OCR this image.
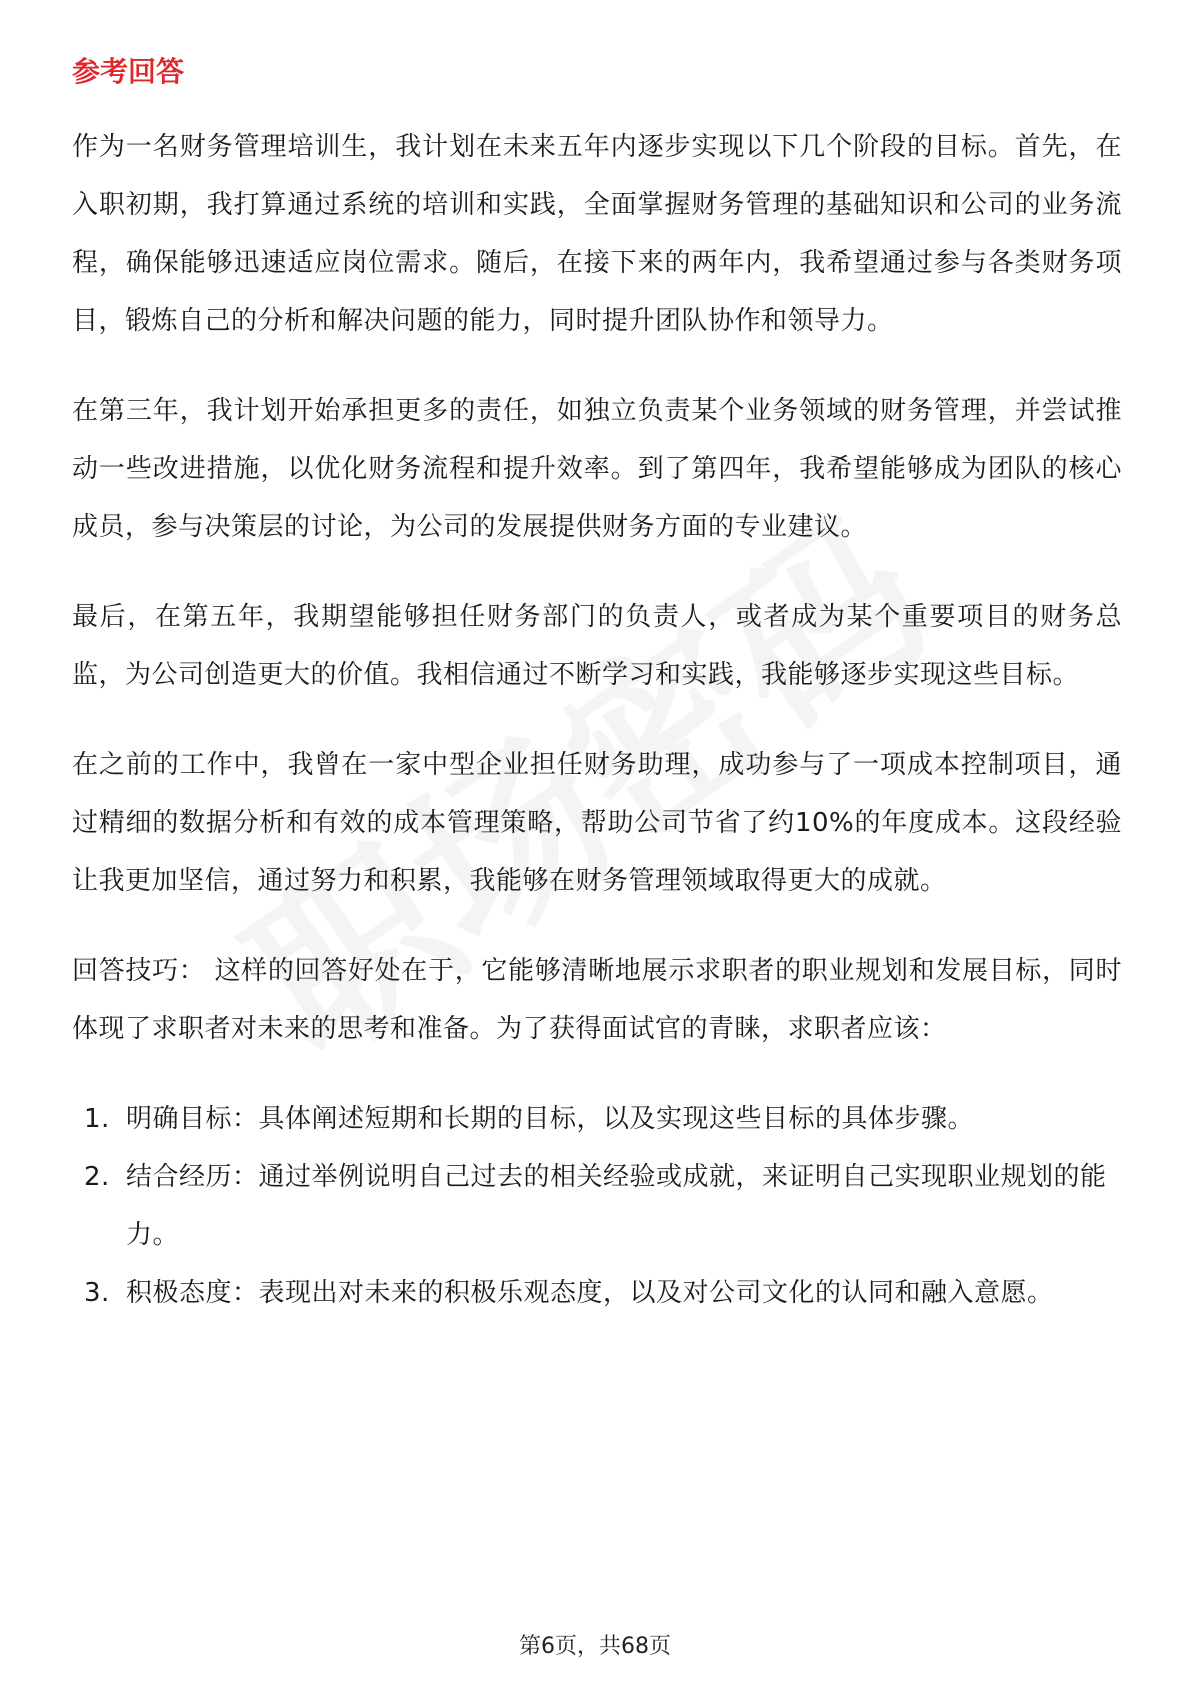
参考回答

作为一名财务管理培训生，我计划在未来五年内逐步实现以下几个阶段的目标。首先，在入职初期，我打算通过系统的培训和实践，全面掌握财务管理的基础知识和公司的业务流程，确保能够迅速适应岗位需求。随后，在接下来的两年内，我希望通过参与各类财务项目，锻炼自己的分析和解决问题的能力，同时提升团队协作和领导力。

在第三年，我计划开始承担更多的责任，如独立负责某个业务领域的财务管理，并尝试推动一些改进措施，以优化财务流程和提升效率。到了第四年，我希望能够成为团队的核心成员，参与决策层的讨论，为公司的发展提供财务方面的专业建议。

最后，在第五年，我期望能够担任财务部门的负责人，或者成为某个重要项目的财务总监，为公司创造更大的价值。我相信通过不断学习和实践，我能够逐步实现这些目标。

在之前的工作中，我曾在一家中型企业担任财务助理，成功参与了一项成本控制项目，通过精细的数据分析和有效的成本管理策略，帮助公司节省了约10%的年度成本。这段经验让我更加坚信，通过努力和积累，我能够在财务管理领域取得更大的成就。

回答技巧： 这样的回答好处在于，它能够清晰地展示求职者的职业规划和发展目标，同时体现了求职者对未来的思考和准备。为了获得面试官的青睐，求职者应该：

1. 明确目标：具体阐述短期和长期的目标，以及实现这些目标的具体步骤。
2. 结合经历：通过举例说明自己过去的相关经验或成就，来证明自己实现职业规划的能力。
3. 积极态度：表现出对未来的积极乐观态度，以及对公司文化的认同和融入意愿。
第6页，共68页
